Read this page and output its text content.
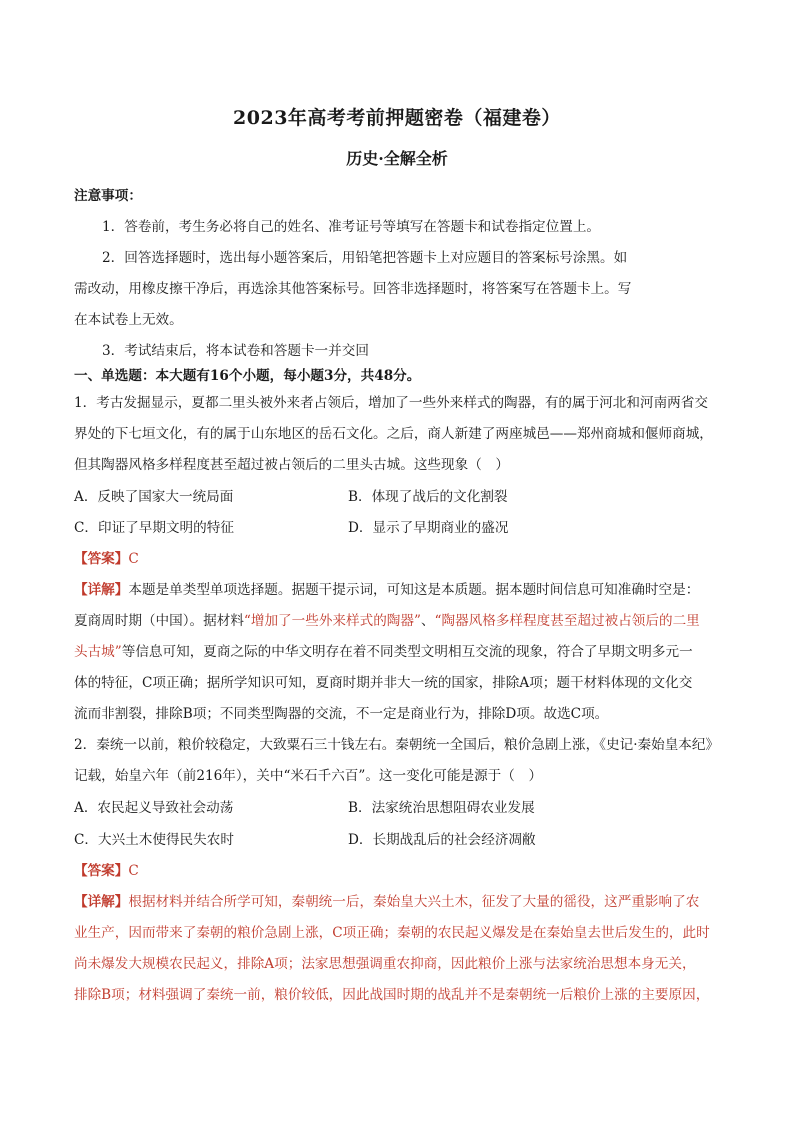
2023年高考考前押题密卷（福建卷）
历史·全解全析
注意事项：
1．答卷前，考生务必将自己的姓名、准考证号等填写在答题卡和试卷指定位置上。
2．回答选择题时，选出每小题答案后，用铅笔把答题卡上对应题目的答案标号涂黑。如
需改动，用橡皮擦干净后，再选涂其他答案标号。回答非选择题时，将答案写在答题卡上。写
在本试卷上无效。
3．考试结束后，将本试卷和答题卡一并交回
一、单选题：本大题有16个小题，每小题3分，共48分。
1．考古发掘显示，夏都二里头被外来者占领后，增加了一些外来样式的陶器，有的属于河北和河南两省交
界处的下七垣文化，有的属于山东地区的岳石文化。之后，商人新建了两座城邑——郑州商城和偃师商城，
但其陶器风格多样程度甚至超过被占领后的二里头古城。这些现象（　）
A．反映了国家大一统局面	B．体现了战后的文化割裂
C．印证了早期文明的特征	D．显示了早期商业的盛况
【答案】C
【详解】本题是单类型单项选择题。据题干提示词，可知这是本质题。据本题时间信息可知准确时空是：
夏商周时期（中国）。据材料“增加了一些外来样式的陶器”、“陶器风格多样程度甚至超过被占领后的二里
头古城”等信息可知，夏商之际的中华文明存在着不同类型文明相互交流的现象，符合了早期文明多元一
体的特征，C项正确；据所学知识可知，夏商时期并非大一统的国家，排除A项；题干材料体现的文化交
流而非割裂，排除B项；不同类型陶器的交流，不一定是商业行为，排除D项。故选C项。
2．秦统一以前，粮价较稳定，大致粟石三十钱左右。秦朝统一全国后，粮价急剧上涨，《史记·秦始皇本纪》
记载，始皇六年（前216年），关中“米石千六百”。这一变化可能是源于（　）
A．农民起义导致社会动荡	B．法家统治思想阻碍农业发展
C．大兴土木使得民失农时	D．长期战乱后的社会经济凋敝
【答案】C
【详解】根据材料并结合所学可知，秦朝统一后，秦始皇大兴土木，征发了大量的徭役，这严重影响了农
业生产，因而带来了秦朝的粮价急剧上涨，C项正确；秦朝的农民起义爆发是在秦始皇去世后发生的，此时
尚未爆发大规模农民起义，排除A项；法家思想强调重农抑商，因此粮价上涨与法家统治思想本身无关，
排除B项；材料强调了秦统一前，粮价较低，因此战国时期的战乱并不是秦朝统一后粮价上涨的主要原因，
